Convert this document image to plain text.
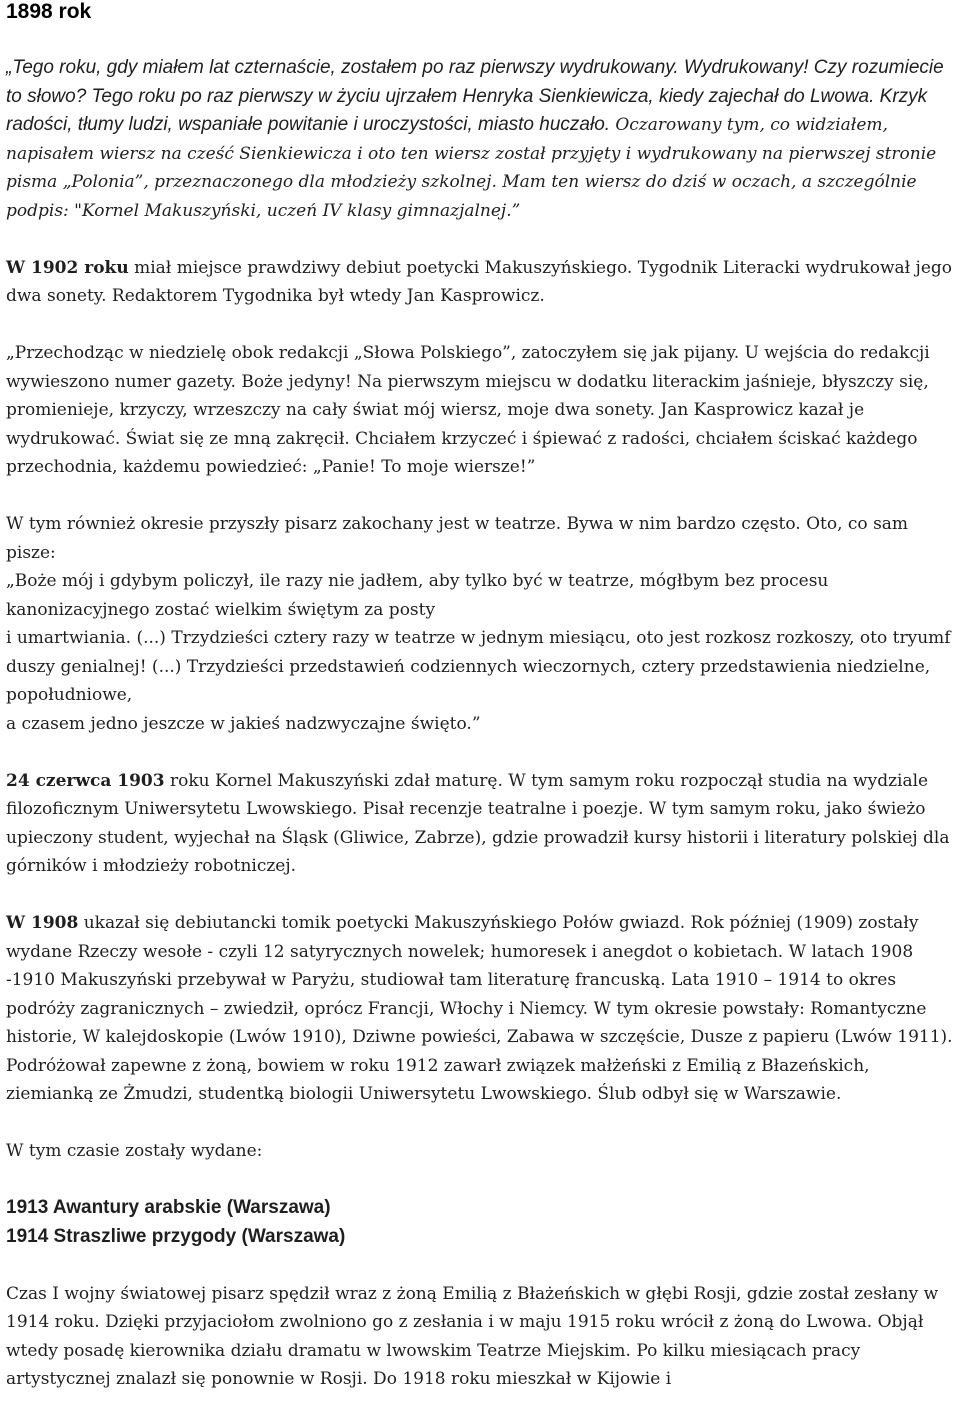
1898 rok

„Tego roku, gdy miałem lat czternaście, zostałem po raz pierwszy wydrukowany. Wydrukowany! Czy rozumiecie to słowo? Tego roku po raz pierwszy w życiu ujrzałem Henryka Sienkiewicza, kiedy zajechał do Lwowa. Krzyk radości, tłumy ludzi, wspaniałe powitanie i uroczystości, miasto huczało. Oczarowany tym, co widziałem, napisałem wiersz na cześć Sienkiewicza i oto ten wiersz został przyjęty i wydrukowany na pierwszej stronie pisma „Polonia”, przeznaczonego dla młodzieży szkolnej. Mam ten wiersz do dziś w oczach, a szczególnie podpis: "Kornel Makuszyński, uczeń IV klasy gimnazjalnej.”

W 1902 roku miał miejsce prawdziwy debiut poetycki Makuszyńskiego. Tygodnik Literacki wydrukował jego dwa sonety. Redaktorem Tygodnika był wtedy Jan Kasprowicz.

„Przechodząc w niedzielę obok redakcji „Słowa Polskiego”, zatoczyłem się jak pijany. U wejścia do redakcji wywieszono numer gazety. Boże jedyny! Na pierwszym miejscu w dodatku literackim jaśnieje, błyszczy się, promienieje, krzyczy, wrzeszczy na cały świat mój wiersz, moje dwa sonety. Jan Kasprowicz kazał je wydrukować. Świat się ze mną zakręcił. Chciałem krzyczeć i śpiewać z radości, chciałem ściskać każdego przechodnia, każdemu powiedzieć: „Panie! To moje wiersze!”

W tym również okresie przyszły pisarz zakochany jest w teatrze. Bywa w nim bardzo często. Oto, co sam pisze:

„Boże mój i gdybym policzył, ile razy nie jadłem, aby tylko być w teatrze, mógłbym bez procesu kanonizacyjnego zostać wielkim świętym za posty

i umartwiania. (...) Trzydzieści cztery razy w teatrze w jednym miesiącu, oto jest rozkosz rozkoszy, oto tryumf duszy genialnej! (...) Trzydzieści przedstawień codziennych wieczornych, cztery przedstawienia niedzielne, popołudniowe,

a czasem jedno jeszcze w jakieś nadzwyczajne święto.”

24 czerwca 1903 roku Kornel Makuszyński zdał maturę. W tym samym roku rozpoczął studia na wydziale filozoficznym Uniwersytetu Lwowskiego. Pisał recenzje teatralne i poezje. W tym samym roku, jako świeżo upieczony student, wyjechał na Śląsk (Gliwice, Zabrze), gdzie prowadził kursy historii i literatury polskiej dla górników i młodzieży robotniczej.

W 1908 ukazał się debiutancki tomik poetycki Makuszyńskiego Połów gwiazd. Rok później (1909) zostały wydane Rzeczy wesołe - czyli 12 satyrycznych nowelek; humoresek i anegdot o kobietach. W latach 1908 -1910 Makuszyński przebywał w Paryżu, studiował tam literaturę francuską. Lata 1910 – 1914 to okres podróży zagranicznych – zwiedził, oprócz Francji, Włochy i Niemcy. W tym okresie powstały: Romantyczne historie, W kalejdoskopie (Lwów 1910), Dziwne powieści, Zabawa w szczęście, Dusze z papieru (Lwów 1911). Podróżował zapewne z żoną, bowiem w roku 1912 zawarł związek małżeński z Emilią z Błazeńskich, ziemianką ze Żmudzi, studentką biologii Uniwersytetu Lwowskiego. Ślub odbył się w Warszawie.

W tym czasie zostały wydane:

1913 Awantury arabskie (Warszawa)

1914 Straszliwe przygody (Warszawa)

Czas I wojny światowej pisarz spędził wraz z żoną Emilią z Błażeńskich w głębi Rosji, gdzie został zesłany w 1914 roku. Dzięki przyjaciołom zwolniono go z zesłania i w maju 1915 roku wrócił z żoną do Lwowa. Objął wtedy posadę kierownika działu dramatu w lwowskim Teatrze Miejskim. Po kilku miesiącach pracy artystycznej znalazł się ponownie w Rosji. Do 1918 roku mieszkał w Kijowie i
